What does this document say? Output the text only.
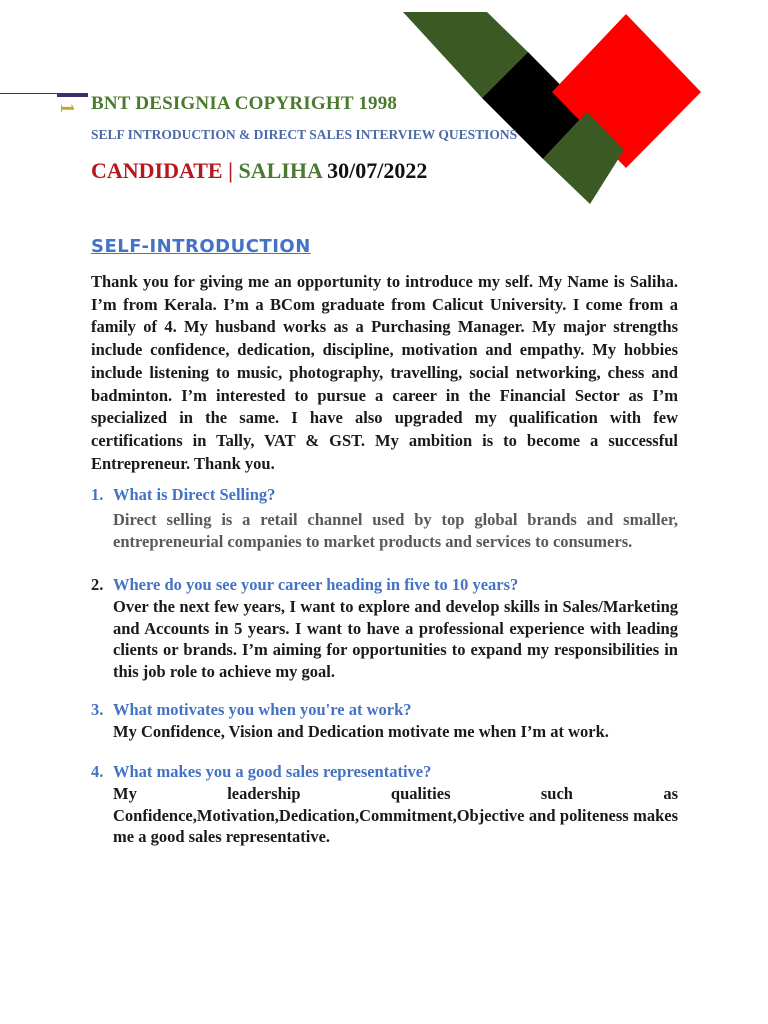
1 BNT DESIGNIA COPYRIGHT 1998
SELF INTRODUCTION & DIRECT SALES INTERVIEW QUESTIONS
CANDIDATE | SALIHA 30/07/2022
SELF-INTRODUCTION
Thank you for giving me an opportunity to introduce my self. My Name is Saliha. I’m from Kerala. I’m a BCom graduate from Calicut University. I come from a family of 4. My husband works as a Purchasing Manager. My major strengths include confidence, dedication, discipline, motivation and empathy. My hobbies include listening to music, photography, travelling, social networking, chess and badminton. I’m interested to pursue a career in the Financial Sector as I’m specialized in the same. I have also upgraded my qualification with few certifications in Tally, VAT & GST. My ambition is to become a successful Entrepreneur. Thank you.
1. What is Direct Selling?
Direct selling is a retail channel used by top global brands and smaller, entrepreneurial companies to market products and services to consumers.
2. Where do you see your career heading in five to 10 years?
Over the next few years, I want to explore and develop skills in Sales/Marketing and Accounts in 5 years. I want to have a professional experience with leading clients or brands. I’m aiming for opportunities to expand my responsibilities in this job role to achieve my goal.
3. What motivates you when you're at work?
My Confidence, Vision and Dedication motivate me when I’m at work.
4. What makes you a good sales representative?
My leadership qualities such as
Confidence,Motivation,Dedication,Commitment,Objective and politeness makes me a good sales representative.
